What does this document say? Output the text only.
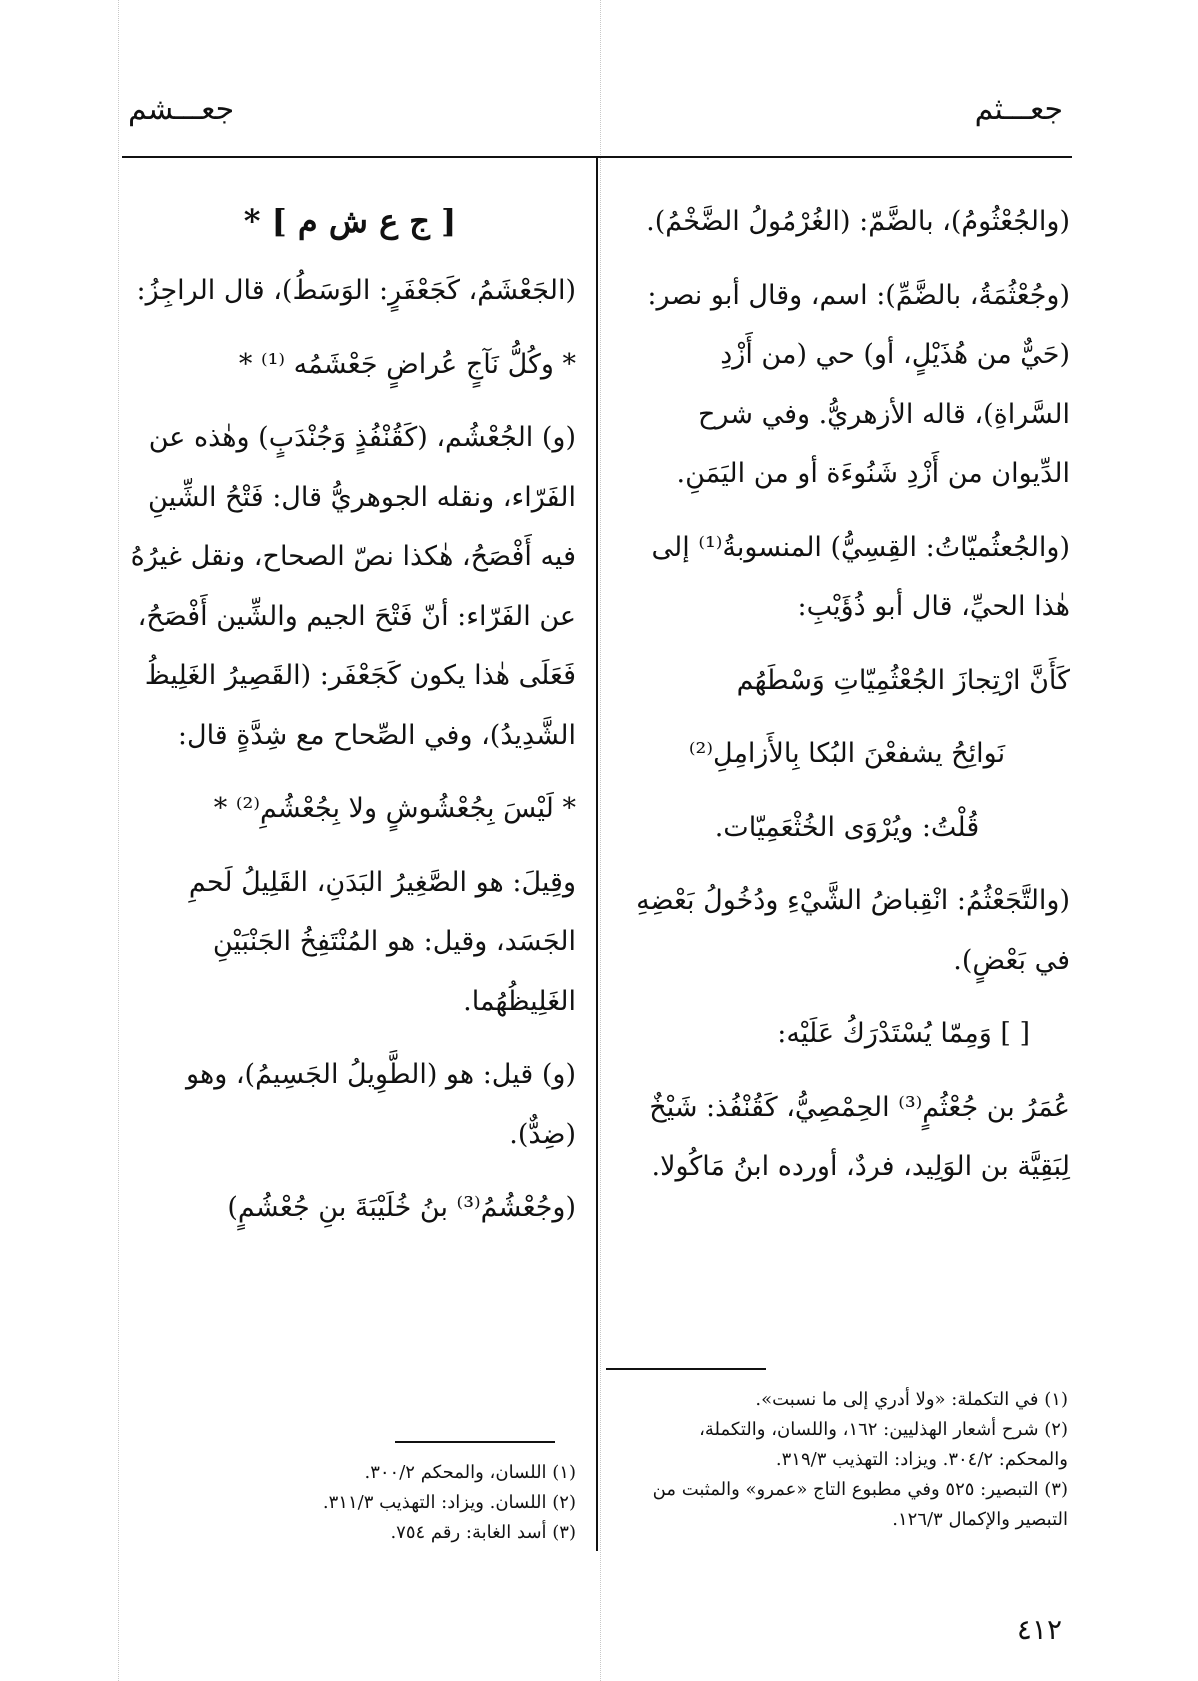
جعـــثم
جعـــشم

(والجُعْثُومُ)، بالضَّمّ: (الغُرْمُولُ الضَّخْمُ).

(وجُعْثُمَةُ، بالضَّمِّ): اسم، وقال أبو نصر: (حَيٌّ من هُذَيْلٍ، أو) حي (من أَزْدِ السَّراةِ)، قاله الأزهريُّ. وفي شرح الدِّيوان من أَزْدِ شَنُوءَة أو من اليَمَنِ.

(والجُعثُميّاتُ: القِسِيُّ) المنسوبةُ⁽¹⁾ إلى هٰذا الحيِّ، قال أبو ذُؤَيْبِ:

كَأَنَّ ارْتِجازَ الجُعْثُمِيّاتِ وَسْطَهُم

نَوائِحُ يشفعْنَ البُكا بِالأَزامِلِ⁽²⁾

قُلْتُ: ويُرْوَى الخُثْعَمِيّات.

(والتَّجَعْثُمُ: انْقِباضُ الشَّيْءِ ودُخُولُ بَعْضِهِ في بَعْضٍ).

[ ] وَمِمّا يُسْتَدْرَكُ عَلَيْه:

عُمَرُ بن جُعْثُمٍ⁽³⁾ الحِمْصِيُّ، كَقُنْفُذ: شَيْخٌ لِبَقِيَّة بن الوَلِيد، فردٌ، أورده ابنُ مَاكُولا.

[ ج ع ش م ] *

(الجَعْشَمُ، كَجَعْفَرٍ: الوَسَطُ)، قال الراجِزُ:

* وكُلُّ نَآجٍ عُراضٍ جَعْشَمُه ⁽¹⁾ *

(و) الجُعْشُم، (كَقُنْفُذٍ وَجُنْدَبٍ) وهٰذه عن الفَرّاء، ونقله الجوهريُّ قال: فَتْحُ الشِّينِ فيه أَفْصَحُ، هٰكذا نصّ الصحاح، ونقل غيرُهُ عن الفَرّاء: أنّ فَتْحَ الجيم والشِّين أَفْصَحُ، فَعَلَى هٰذا يكون كَجَعْفَر: (القَصِيرُ الغَلِيظُ الشَّدِيدُ)، وفي الصِّحاح مع شِدَّةٍ قال:

* لَيْسَ بِجُعْشُوشٍ ولا بِجُعْشُمِ⁽²⁾ *

وقِيلَ: هو الصَّغِيرُ البَدَنِ، القَلِيلُ لَحمِ الجَسَد، وقيل: هو المُنْتَفِخُ الجَنْبَيْنِ الغَلِيظُهُما.

(و) قيل: هو (الطَّوِيلُ الجَسِيمُ)، وهو (ضِدٌّ).

(وجُعْشُمُ⁽³⁾ بنُ خُلَيْبَةَ بنِ جُعْشُمٍ)

(١) في التكملة: «ولا أدري إلى ما نسبت».

(٢) شرح أشعار الهذليين: ١٦٢، واللسان، والتكملة، والمحكم: ٣٠٤/٢. ويزاد: التهذيب ٣١٩/٣.

(٣) التبصير: ٥٢٥ وفي مطبوع التاج «عمرو» والمثبت من التبصير والإكمال ١٢٦/٣.

(١) اللسان، والمحكم ٣٠٠/٢.

(٢) اللسان. ويزاد: التهذيب ٣١١/٣.

(٣) أسد الغابة: رقم ٧٥٤.

٤١٢
